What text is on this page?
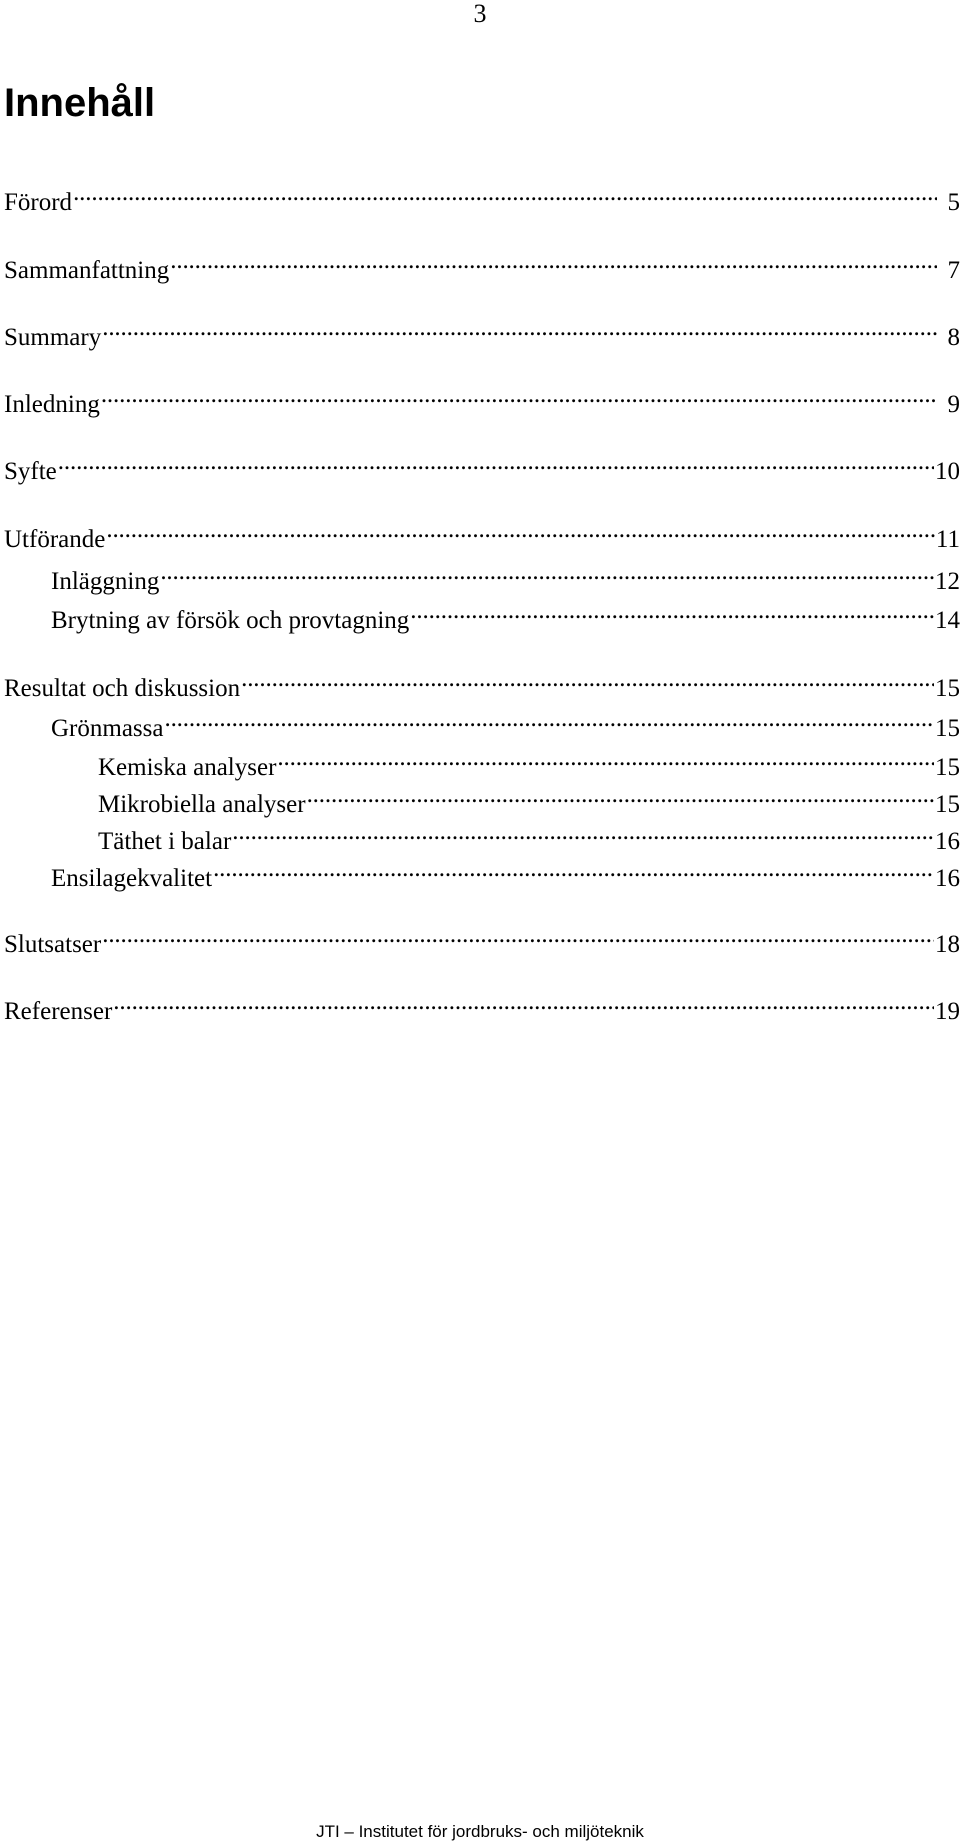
3
Innehåll
Förord . . .	5
Sammanfattning . . .	7
Summary . . .	8
Inledning . . .	9
Syfte . . .	10
Utförande . . .	11
Inläggning . . .	12
Brytning av försök och provtagning . . .	14
Resultat och diskussion . . .	15
Grönmassa . . .	15
Kemiska analyser . . .	15
Mikrobiella analyser . . .	15
Täthet i balar . . .	16
Ensilagekvalitet . . .	16
Slutsatser . . .	18
Referenser . . .	19
JTI – Institutet för jordbruks- och miljöteknik
